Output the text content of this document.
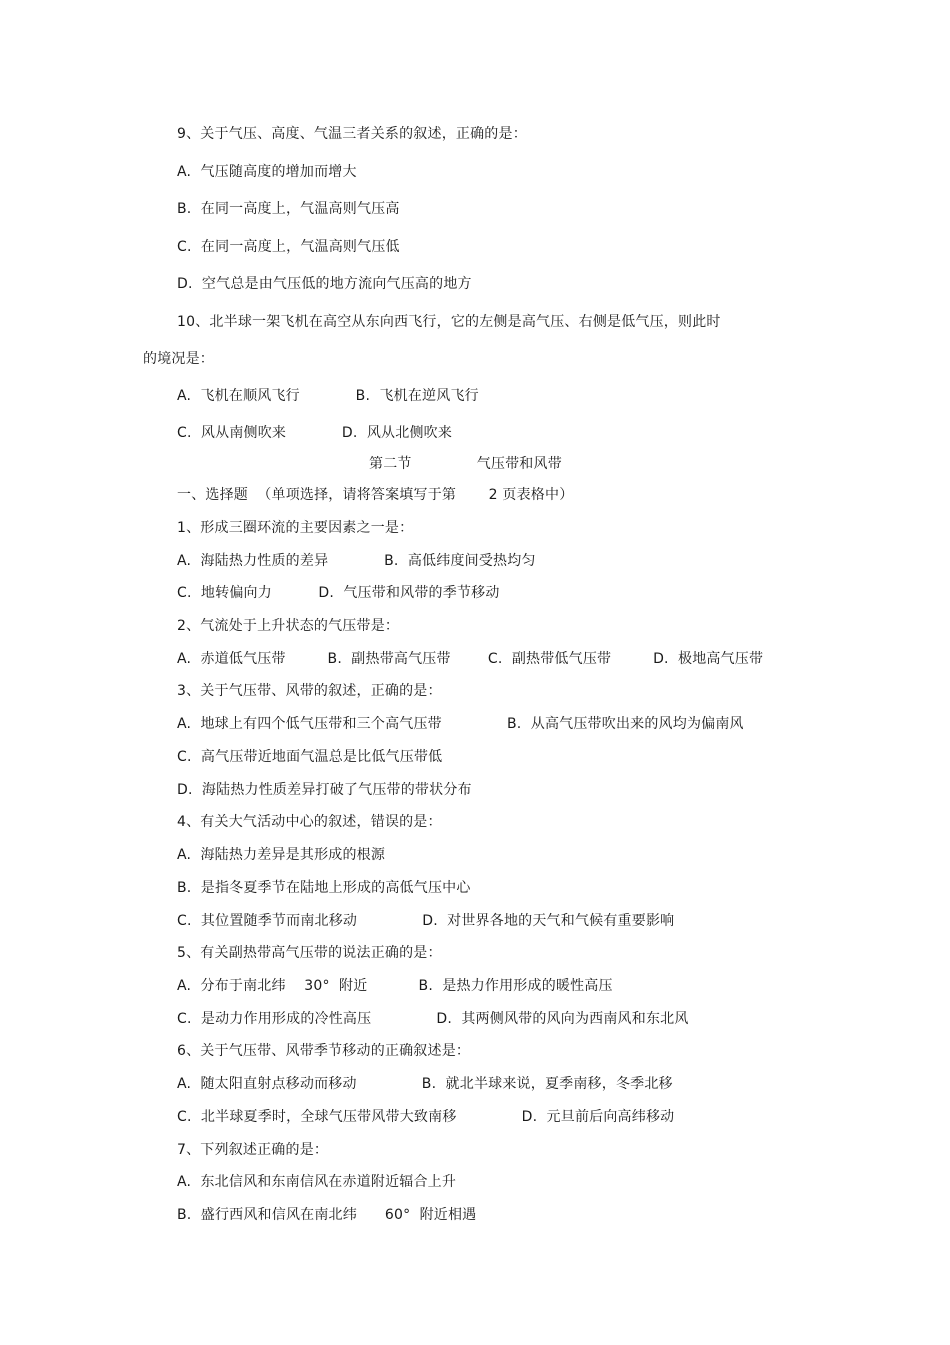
9、关于气压、高度、气温三者关系的叙述，正确的是：
A.  气压随高度的增加而增大
B.  在同一高度上，气温高则气压高
C.  在同一高度上，气温高则气压低
D.  空气总是由气压低的地方流向气压高的地方
10、北半球一架飞机在高空从东向西飞行，它的左侧是高气压、右侧是低气压，则此时
的境况是：
A.  飞机在顺风飞行            B.  飞机在逆风飞行
C.  风从南侧吹来            D.  风从北侧吹来
第二节              气压带和风带
一、选择题  （单项选择，请将答案填写于第       2 页表格中）
1、形成三圈环流的主要因素之一是：
A.  海陆热力性质的差异            B.  高低纬度间受热均匀
C.  地转偏向力          D.  气压带和风带的季节移动
2、气流处于上升状态的气压带是：
A.  赤道低气压带         B.  副热带高气压带        C.  副热带低气压带         D.  极地高气压带
3、关于气压带、风带的叙述，正确的是：
A.  地球上有四个低气压带和三个高气压带              B.  从高气压带吹出来的风均为偏南风
C.  高气压带近地面气温总是比低气压带低
D.  海陆热力性质差异打破了气压带的带状分布
4、有关大气活动中心的叙述，错误的是：
A.  海陆热力差异是其形成的根源
B.  是指冬夏季节在陆地上形成的高低气压中心
C.  其位置随季节而南北移动              D.  对世界各地的天气和气候有重要影响
5、有关副热带高气压带的说法正确的是：
A.  分布于南北纬    30°  附近           B.  是热力作用形成的暖性高压
C.  是动力作用形成的冷性高压              D.  其两侧风带的风向为西南风和东北风
6、关于气压带、风带季节移动的正确叙述是：
A.  随太阳直射点移动而移动              B.  就北半球来说，夏季南移，冬季北移
C.  北半球夏季时，全球气压带风带大致南移              D.  元旦前后向高纬移动
7、下列叙述正确的是：
A.  东北信风和东南信风在赤道附近辐合上升
B.  盛行西风和信风在南北纬      60°  附近相遇
